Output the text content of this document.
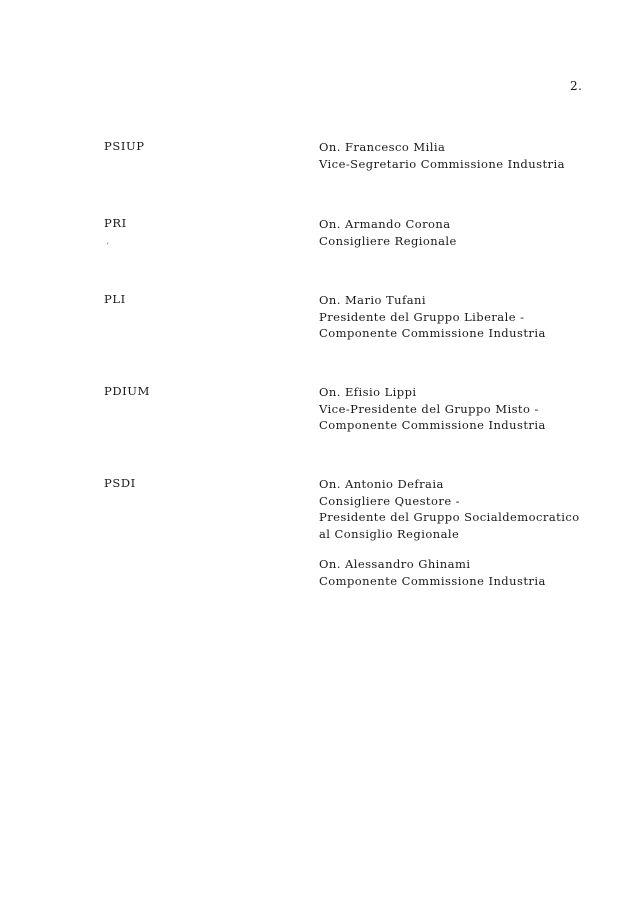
2.
PSIUP	On. Francesco Milia
Vice-Segretario Commissione Industria
PRI	On. Armando Corona
Consigliere Regionale
PLI	On. Mario Tufani
Presidente del Gruppo Liberale -
Componente Commissione Industria
PDIUM	On. Efisio Lippi
Vice-Presidente del Gruppo Misto -
Componente Commissione Industria
PSDI	On. Antonio Defraia
Consigliere Questore -
Presidente del Gruppo Socialdemocratico
al Consiglio Regionale
On. Alessandro Ghinami
Componente Commissione Industria
ʼ
